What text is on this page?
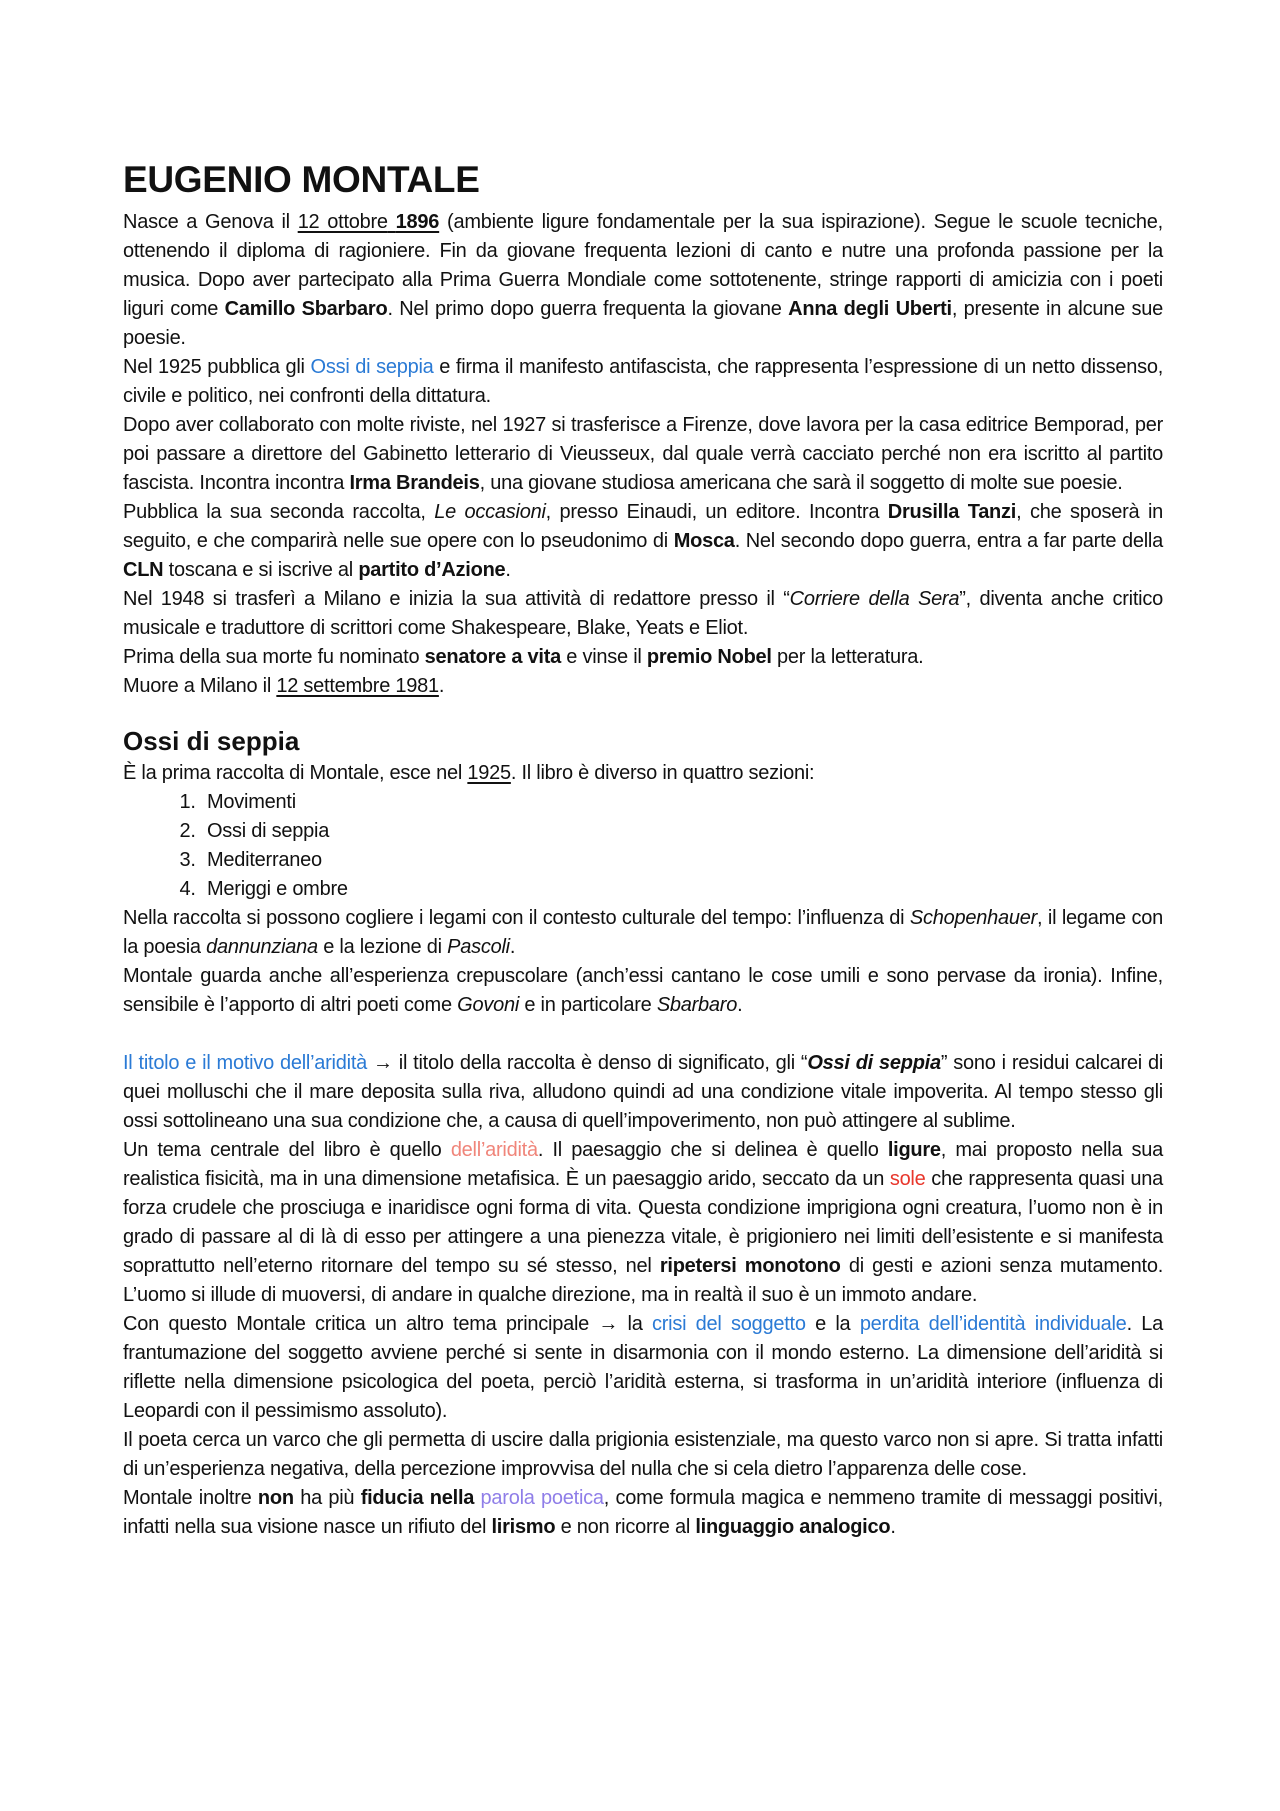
EUGENIO MONTALE

Nasce a Genova il 12 ottobre 1896 (ambiente ligure fondamentale per la sua ispirazione). Segue le scuole tecniche, ottenendo il diploma di ragioniere. Fin da giovane frequenta lezioni di canto e nutre una profonda passione per la musica. Dopo aver partecipato alla Prima Guerra Mondiale come sottotenente, stringe rapporti di amicizia con i poeti liguri come Camillo Sbarbaro. Nel primo dopo guerra frequenta la giovane Anna degli Uberti, presente in alcune sue poesie.

Nel 1925 pubblica gli Ossi di seppia e firma il manifesto antifascista, che rappresenta l’espressione di un netto dissenso, civile e politico, nei confronti della dittatura.

Dopo aver collaborato con molte riviste, nel 1927 si trasferisce a Firenze, dove lavora per la casa editrice Bemporad, per poi passare a direttore del Gabinetto letterario di Vieusseux, dal quale verrà cacciato perché non era iscritto al partito fascista. Incontra incontra Irma Brandeis, una giovane studiosa americana che sarà il soggetto di molte sue poesie.

Pubblica la sua seconda raccolta, Le occasioni, presso Einaudi, un editore. Incontra Drusilla Tanzi, che sposerà in seguito, e che comparirà nelle sue opere con lo pseudonimo di Mosca. Nel secondo dopo guerra, entra a far parte della CLN toscana e si iscrive al partito d’Azione.

Nel 1948 si trasferì a Milano e inizia la sua attività di redattore presso il “Corriere della Sera”, diventa anche critico musicale e traduttore di scrittori come Shakespeare, Blake, Yeats e Eliot.

Prima della sua morte fu nominato senatore a vita e vinse il premio Nobel per la letteratura.

Muore a Milano il 12 settembre 1981.

Ossi di seppia

È la prima raccolta di Montale, esce nel 1925. Il libro è diverso in quattro sezioni:

1. Movimenti
2. Ossi di seppia
3. Mediterraneo
4. Meriggi e ombre

Nella raccolta si possono cogliere i legami con il contesto culturale del tempo: l’influenza di Schopenhauer, il legame con la poesia dannunziana e la lezione di Pascoli.

Montale guarda anche all’esperienza crepuscolare (anch’essi cantano le cose umili e sono pervase da ironia). Infine, sensibile è l’apporto di altri poeti come Govoni e in particolare Sbarbaro.

Il titolo e il motivo dell’aridità → il titolo della raccolta è denso di significato, gli “Ossi di seppia” sono i residui calcarei di quei molluschi che il mare deposita sulla riva, alludono quindi ad una condizione vitale impoverita. Al tempo stesso gli ossi sottolineano una sua condizione che, a causa di quell’impoverimento, non può attingere al sublime.

Un tema centrale del libro è quello dell’aridità. Il paesaggio che si delinea è quello ligure, mai proposto nella sua realistica fisicità, ma in una dimensione metafisica. È un paesaggio arido, seccato da un sole che rappresenta quasi una forza crudele che prosciuga e inaridisce ogni forma di vita. Questa condizione imprigiona ogni creatura, l’uomo non è in grado di passare al di là di esso per attingere a una pienezza vitale, è prigioniero nei limiti dell’esistente e si manifesta soprattutto nell’eterno ritornare del tempo su sé stesso, nel ripetersi monotono di gesti e azioni senza mutamento. L’uomo si illude di muoversi, di andare in qualche direzione, ma in realtà il suo è un immoto andare.

Con questo Montale critica un altro tema principale → la crisi del soggetto e la perdita dell’identità individuale. La frantumazione del soggetto avviene perché si sente in disarmonia con il mondo esterno. La dimensione dell’aridità si riflette nella dimensione psicologica del poeta, perciò l’aridità esterna, si trasforma in un’aridità interiore (influenza di Leopardi con il pessimismo assoluto).

Il poeta cerca un varco che gli permetta di uscire dalla prigionia esistenziale, ma questo varco non si apre. Si tratta infatti di un’esperienza negativa, della percezione improvvisa del nulla che si cela dietro l’apparenza delle cose.

Montale inoltre non ha più fiducia nella parola poetica, come formula magica e nemmeno tramite di messaggi positivi, infatti nella sua visione nasce un rifiuto del lirismo e non ricorre al linguaggio analogico.
